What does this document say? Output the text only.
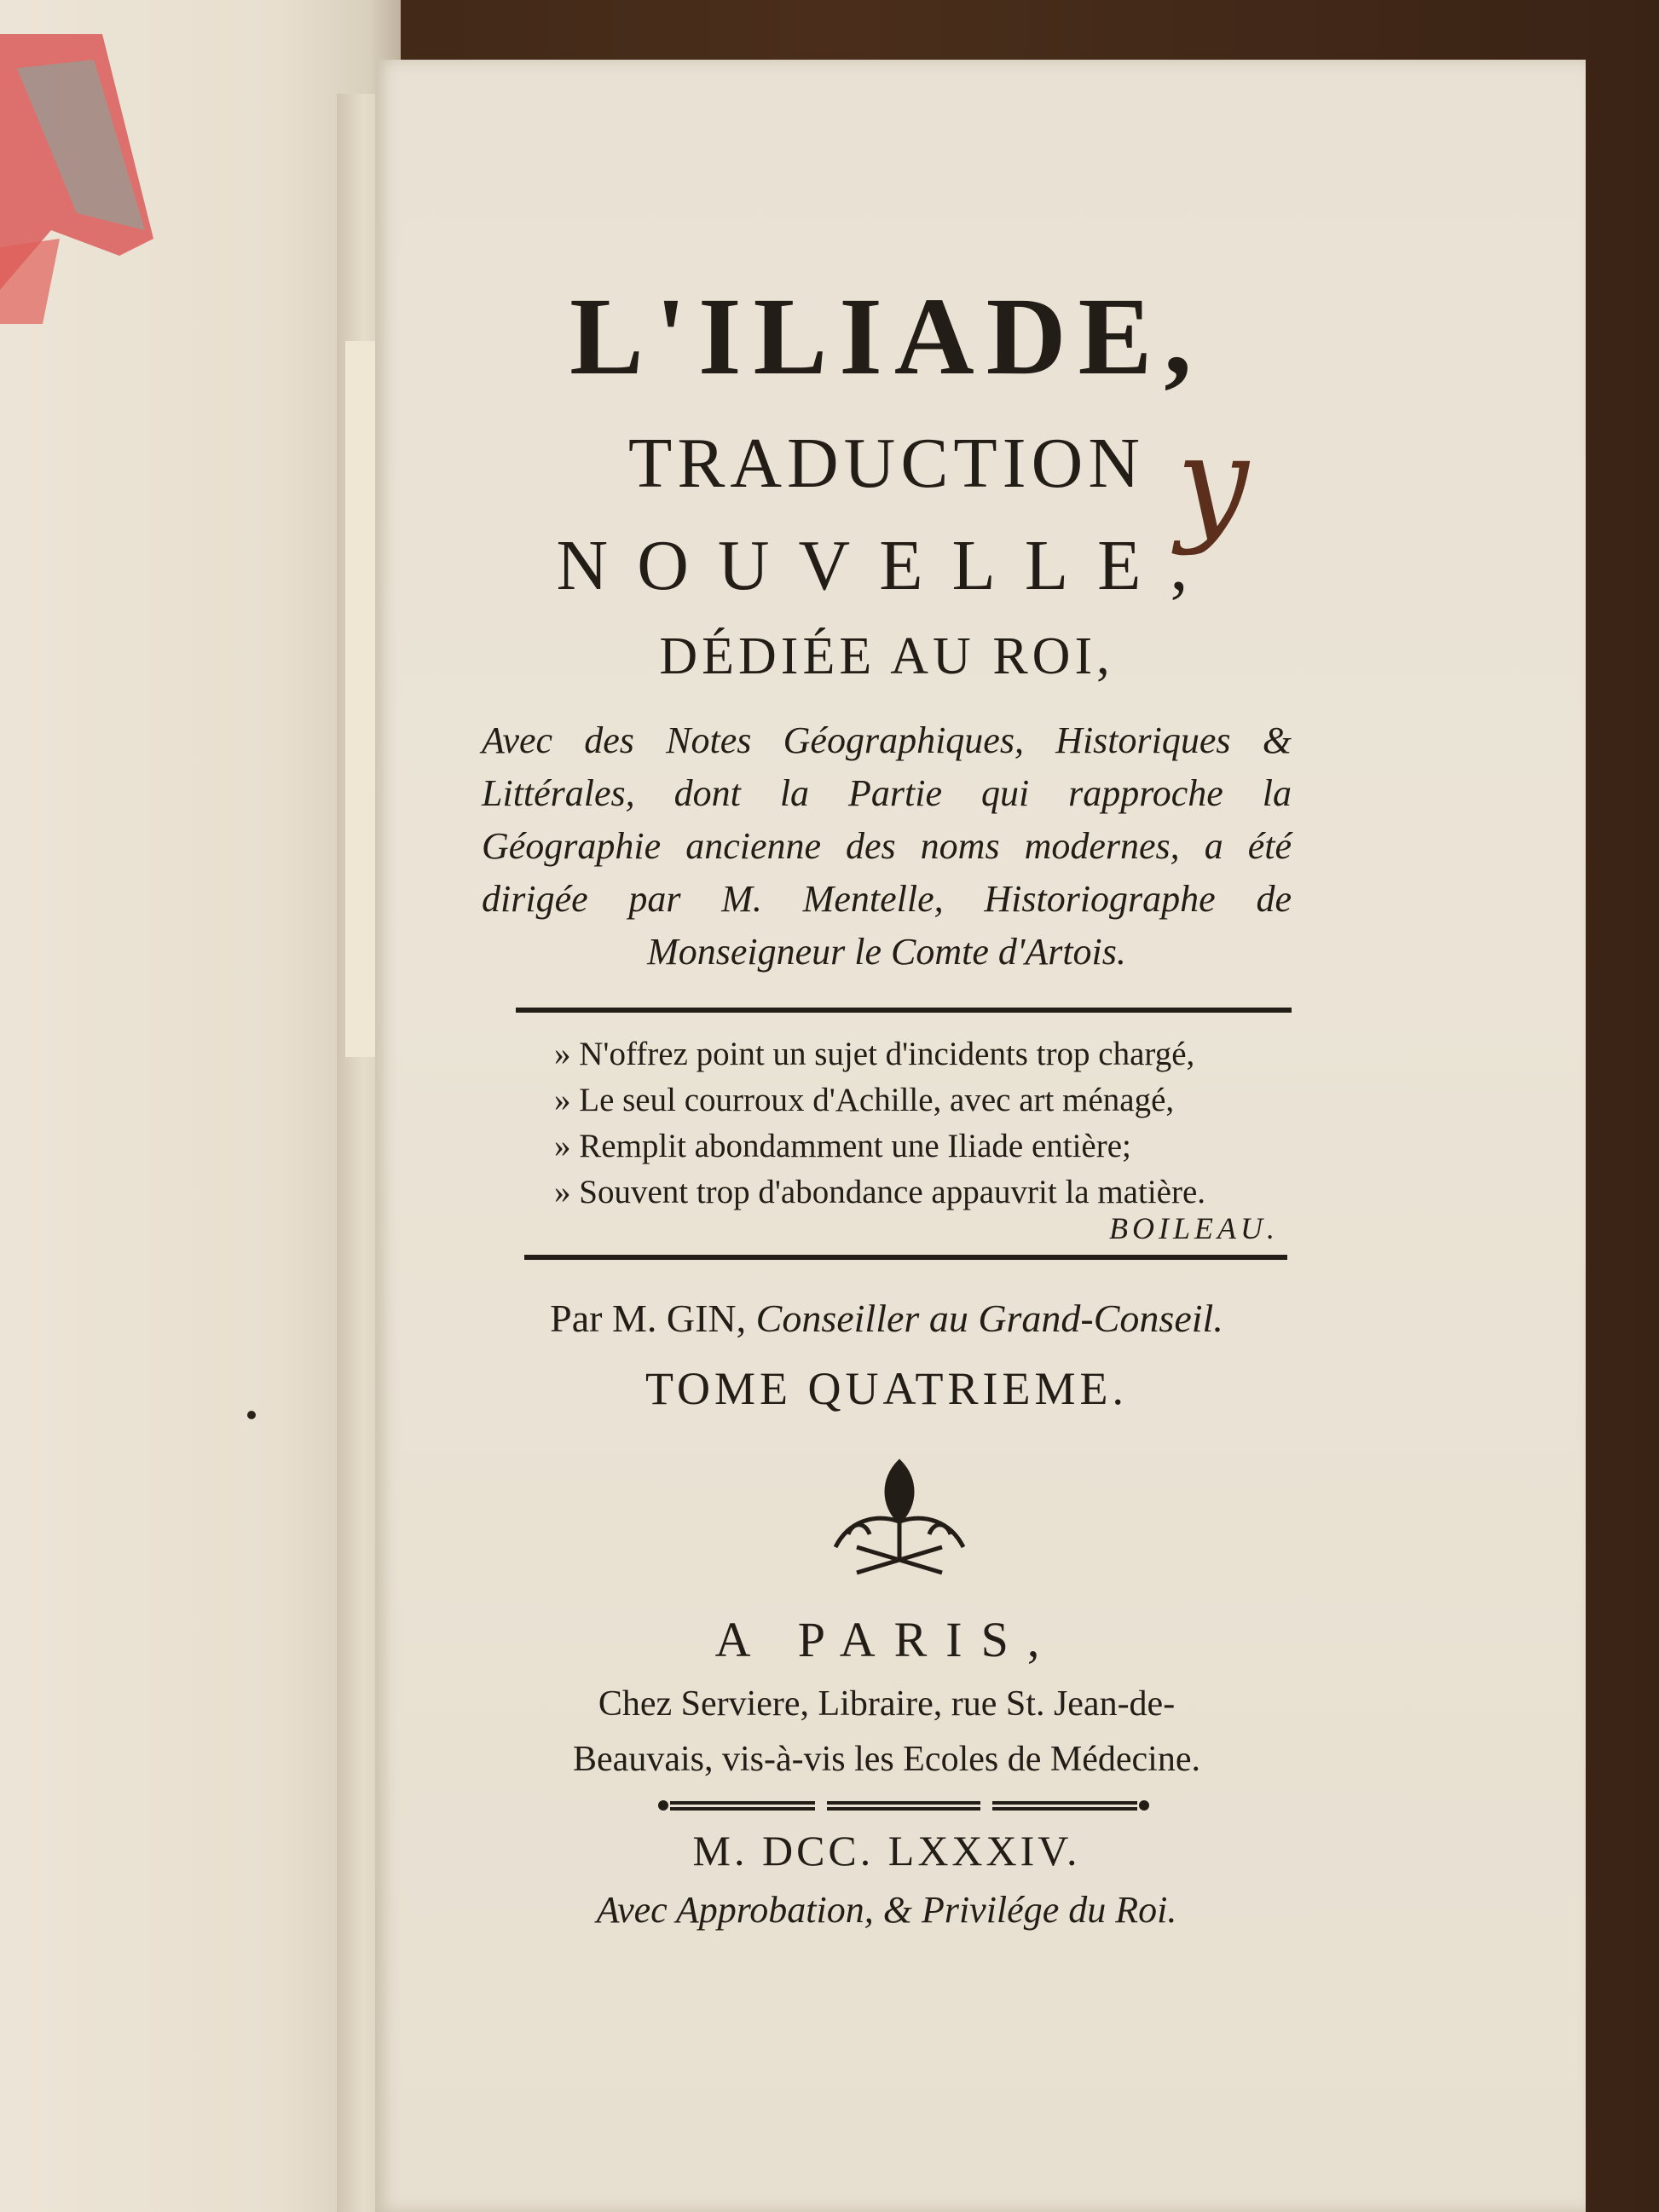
L'ILIADE,
TRADUCTION y
NOUVELLE,
DÉDIÉE AU ROI,
Avec des Notes Géographiques, Historiques & Littérales, dont la Partie qui rapproche la Géographie ancienne des noms modernes, a été dirigée par M. Mentelle, Historiographe de Monseigneur le Comte d'Artois.
» N'offrez point un sujet d'incidents trop chargé,
» Le seul courroux d'Achille, avec art ménagé,
» Remplit abondamment une Iliade entière;
» Souvent trop d'abondance appauvrit la matière.
BOILEAU.
Par M. GIN, Conseiller au Grand-Conseil.
TOME QUATRIEME.
A PARIS,
Chez Serviere, Libraire, rue St. Jean-de-
Beauvais, vis-à-vis les Ecoles de Médecine.
M. DCC. LXXXIV.
Avec Approbation, & Privilége du Roi.
